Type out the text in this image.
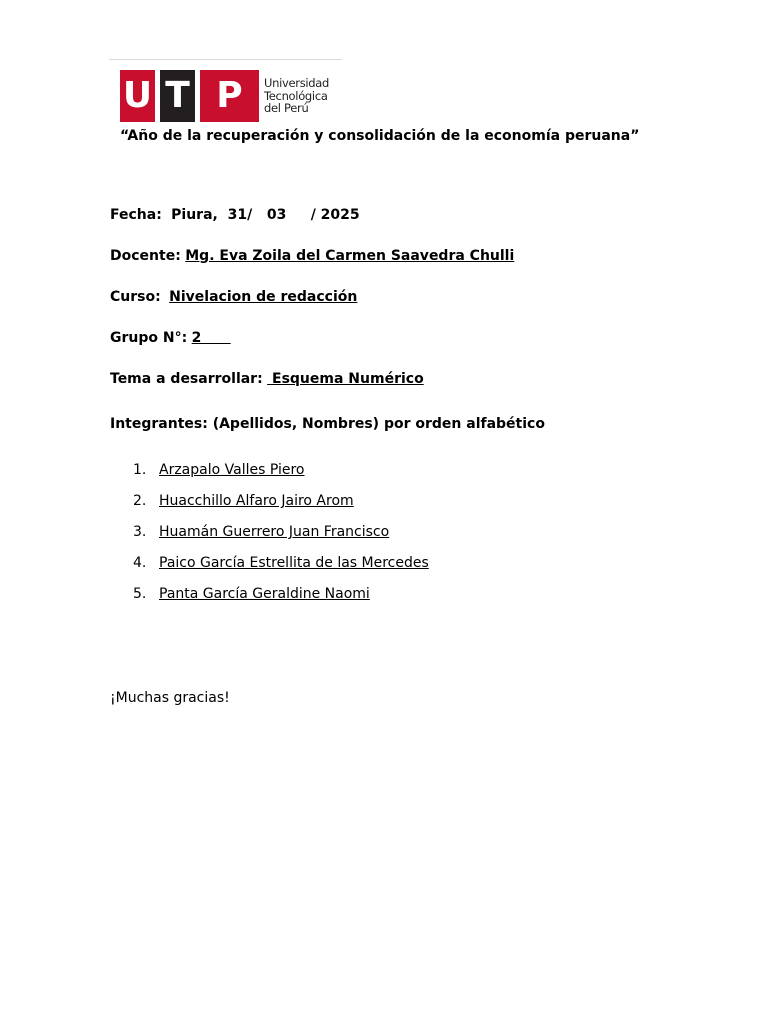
U T P Universidad
Tecnológica
del Perú
“Año de la recuperación y consolidación de la economía peruana”
Fecha: Piura, 31/ 03 / 2025
Docente: Mg. Eva Zoila del Carmen Saavedra Chulli
Curso: Nivelacion de redacción
Grupo N°: 2
Tema a desarrollar:  Esquema Numérico
Integrantes: (Apellidos, Nombres) por orden alfabético
1. Arzapalo Valles Piero
2. Huacchillo Alfaro Jairo Arom
3. Huamán Guerrero Juan Francisco
4. Paico García Estrellita de las Mercedes
5. Panta García Geraldine Naomi
¡Muchas gracias!
